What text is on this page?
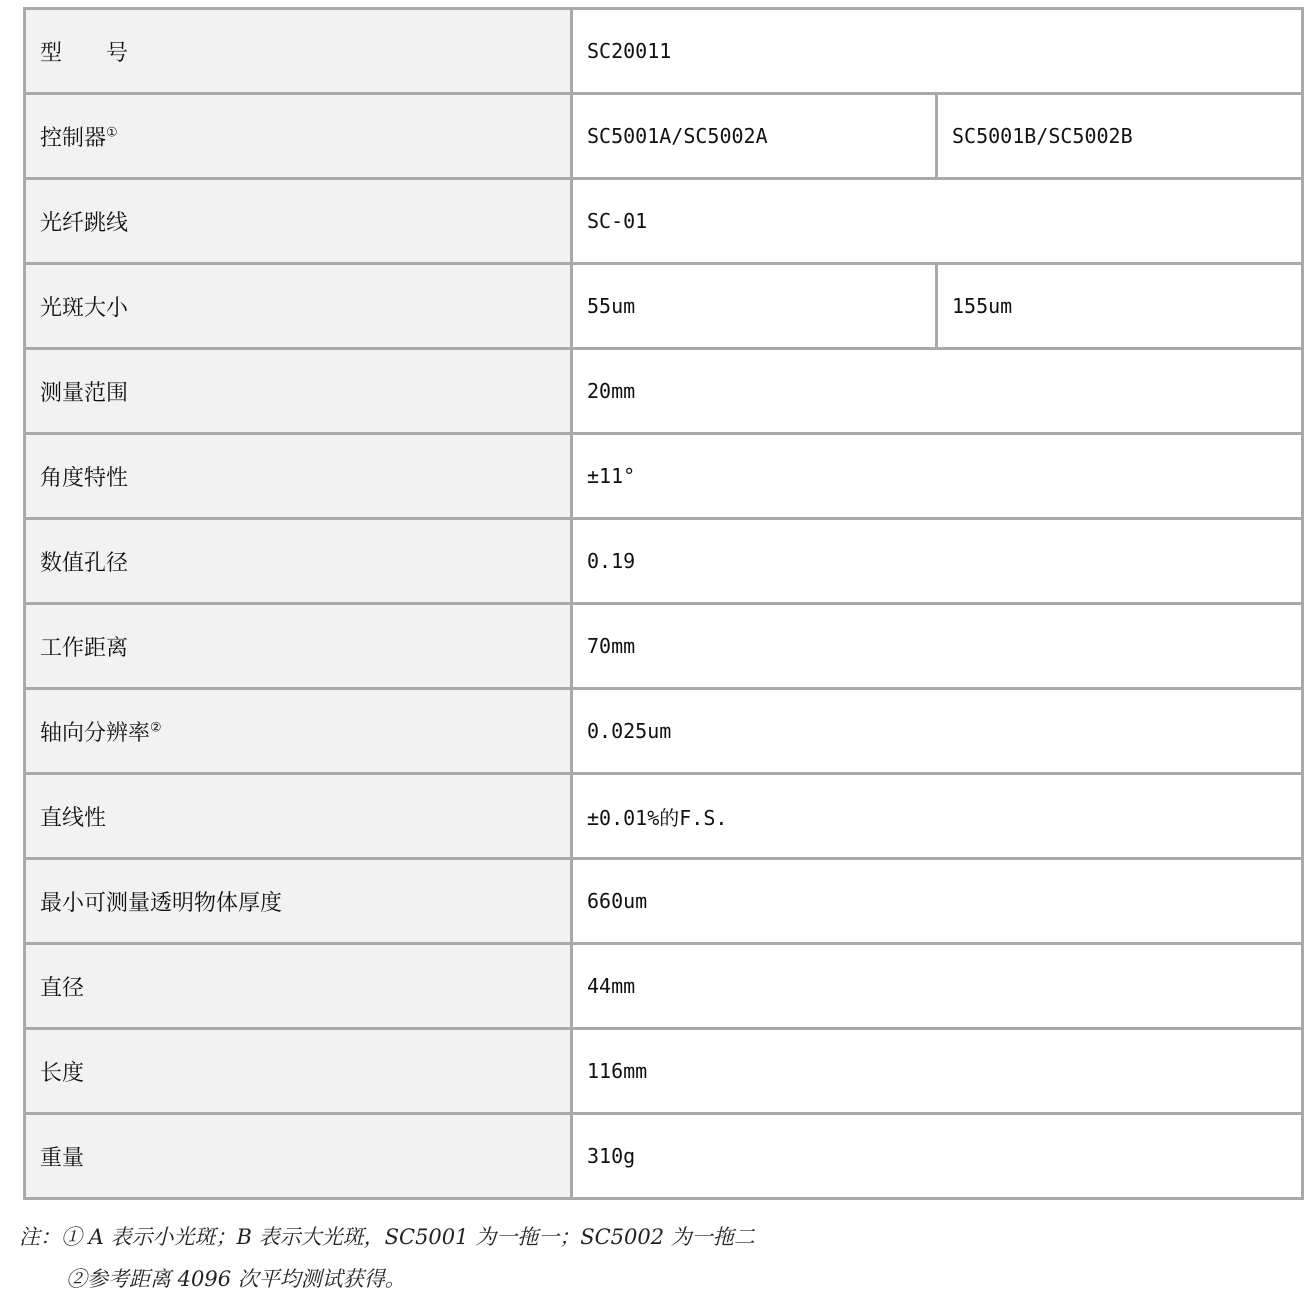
型　　号	SC20011	
控制器①	SC5001A/SC5002A	SC5001B/SC5002B
光纤跳线	SC-01	
光斑大小	55um	155um
测量范围	20mm	
角度特性	±11°	
数值孔径	0.19	
工作距离	70mm	
轴向分辨率②	0.025um	
直线性	±0.01%的F.S.	
最小可测量透明物体厚度	660um	
直径	44mm	
长度	116mm	
重量	310g	
注：① A 表示小光斑；B 表示大光斑，SC5001 为一拖一；SC5002 为一拖二
②参考距离 4096 次平均测试获得。
